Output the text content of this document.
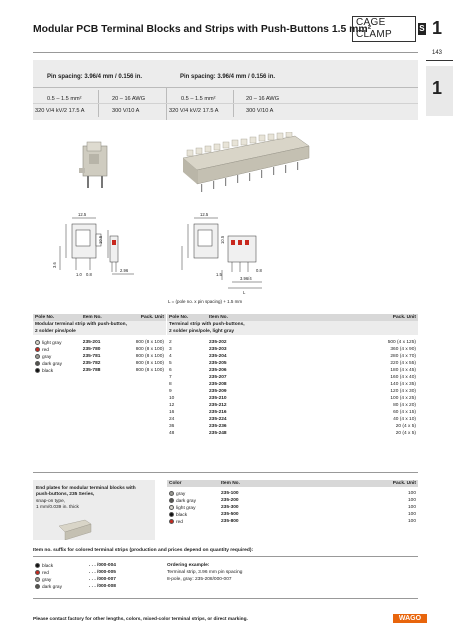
Modular PCB Terminal Blocks and Strips with Push-Buttons 1.5 mm²
CAGE CLAMP
S 1
143
1
Pin spacing: 3.96/4 mm / 0.156 in.	Pin spacing: 3.96/4 mm / 0.156 in.
0.5 – 1.5 mm²	20 – 16 AWG
320 V/4 kV/2 17.5 A	300 V/10 A
0.5 – 1.5 mm²	20 – 16 AWG
320 V/4 kV/2 17.5 A	300 V/10 A
12.5
10.5
2.96
3.6
1.0 0.8
12.5
10.5
3.96/4
L
1.5
0.8
L = (pole no. x pin spacing) + 1.5 mm
Pole No.	Item No.	Pack. Unit
Modular terminal strip with push-button,		
2 solder pins/pole		

light gray	235-201	800 (8 x 100)
red	235-780	800 (8 x 100)
gray	235-781	800 (8 x 100)
dark gray	235-782	800 (8 x 100)
black	235-788	800 (8 x 100)
Pole No.	Item No.	Pack. Unit
Terminal strip with push-buttons,		
2 solder pins/pole, light gray		

2	235-202	500 (4 x 125)
3	235-203	360 (4 x 90)
4	235-204	280 (4 x 70)
5	235-205	220 (4 x 55)
6	235-206	180 (4 x 45)
7	235-207	160 (4 x 40)
8	235-208	140 (4 x 35)
9	235-209	120 (4 x 30)
10	235-210	100 (4 x 25)
12	235-212	80 (4 x 20)
16	235-216	60 (4 x 15)
24	235-224	40 (4 x 10)
36	235-236	20 (4 x 5)
48	235-248	20 (4 x 5)
End plates for modular terminal blocks with
push-buttons, 235 Series,
snap-on type,
1 mm/0.039 in. thick
Color	Item No.	Pack. Unit

gray	235-100	100
dark gray	235-200	100
light gray	235-300	100
black	235-500	100
red	235-800	100
Item no. suffix for colored terminal strips (production and prices depend on quantity required):
black	. . . /000-004
red	. . . /000-005
gray	. . . /000-007
dark gray	. . . /000-008
Ordering example:
Terminal strip, 3.96 mm pin spacing
8-pole, gray: 235-208/000-007
Please contact factory for other lengths, colors, mixed-color terminal strips, or direct marking.	WAGO
